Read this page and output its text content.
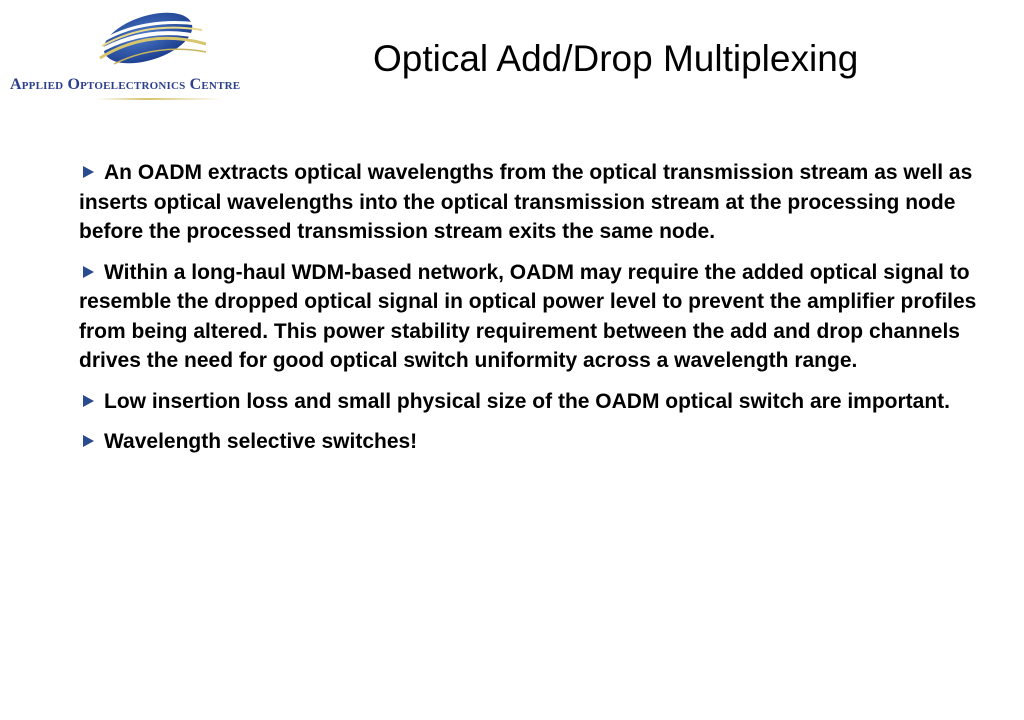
Applied Optoelectronics Centre
Optical Add/Drop Multiplexing
An OADM extracts optical wavelengths from the optical transmission stream as well as inserts optical wavelengths into the optical transmission stream at the processing node before the processed transmission stream exits the same node.
Within a long-haul WDM-based network, OADM may require the added optical signal to resemble the dropped optical signal in optical power level to prevent the amplifier profiles from being altered. This power stability requirement between the add and drop channels drives the need for good optical switch uniformity across a wavelength range.
Low insertion loss and small physical size of the OADM optical switch are important.
Wavelength selective switches!
